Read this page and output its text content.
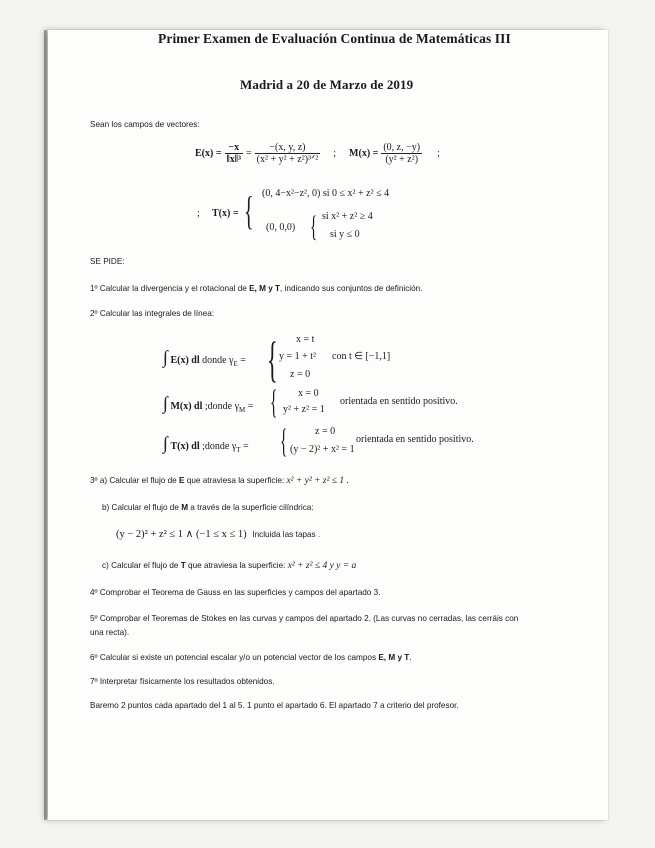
Primer Examen de Evaluación Continua de Matemáticas III
Madrid a 20 de Marzo de 2019
Sean los campos de vectores:
$E(x) = \frac{-x}{\text{‖x‖³}} = \frac{-(x, y, z)}{\text{(x² + y² + z²)³ᐟ²}}$ ; $M(x) = \frac{(0, z, -y)}{\text{(y² + z²)}}$ ;
; T(x) = { (0, 4−x²−z², 0) si 0 ≤ x² + z² ≤ 4
(0, 0,0) { si x² + z² ≥ 4
si y ≤ 0
SE PIDE:
1º Calcular la divergencia y el rotacional de E, M y T, indicando sus conjuntos de definición.
2º Calcular las integrales de línea:
∫ E(x) dl donde $\gamma_E$ = { x = t
y = 1 + t²
z = 0
con t ∈ [−1,1]
∫ M(x) dl ;donde $\gamma_M$ = { x = 0
y² + z² = 1
orientada en sentido positivo.
∫ T(x) dl ;donde $\gamma_T$ = {	z = 0
(y − 2)² + x² = 1
orientada en sentido positivo.
3º a) Calcular el flujo de E que atraviesa la superficie: x² + y² + z² ≤ 1 .
b) Calcular el flujo de M a través de la superficie cilíndrica:
(y − 2)² + z² ≤ 1 ∧ (−1 ≤ x ≤ 1) Incluida las tapas .
c) Calcular el flujo de T que atraviesa la superficie: x² + z² ≤ 4 y y = a
4º Comprobar el Teorema de Gauss en las superficies y campos del apartado 3.
5º Comprobar el Teoremas de Stokes en las curvas y campos del apartado 2. (Las curvas no cerradas, las cerráis con
una recta).
6º Calcular si existe un potencial escalar y/o un potencial vector de los campos E, M y T.
7º Interpretar físicamente los resultados obtenidos.
Baremo 2 puntos cada apartado del 1 al 5. 1 punto el apartado 6. El apartado 7 a criterio del profesor.
